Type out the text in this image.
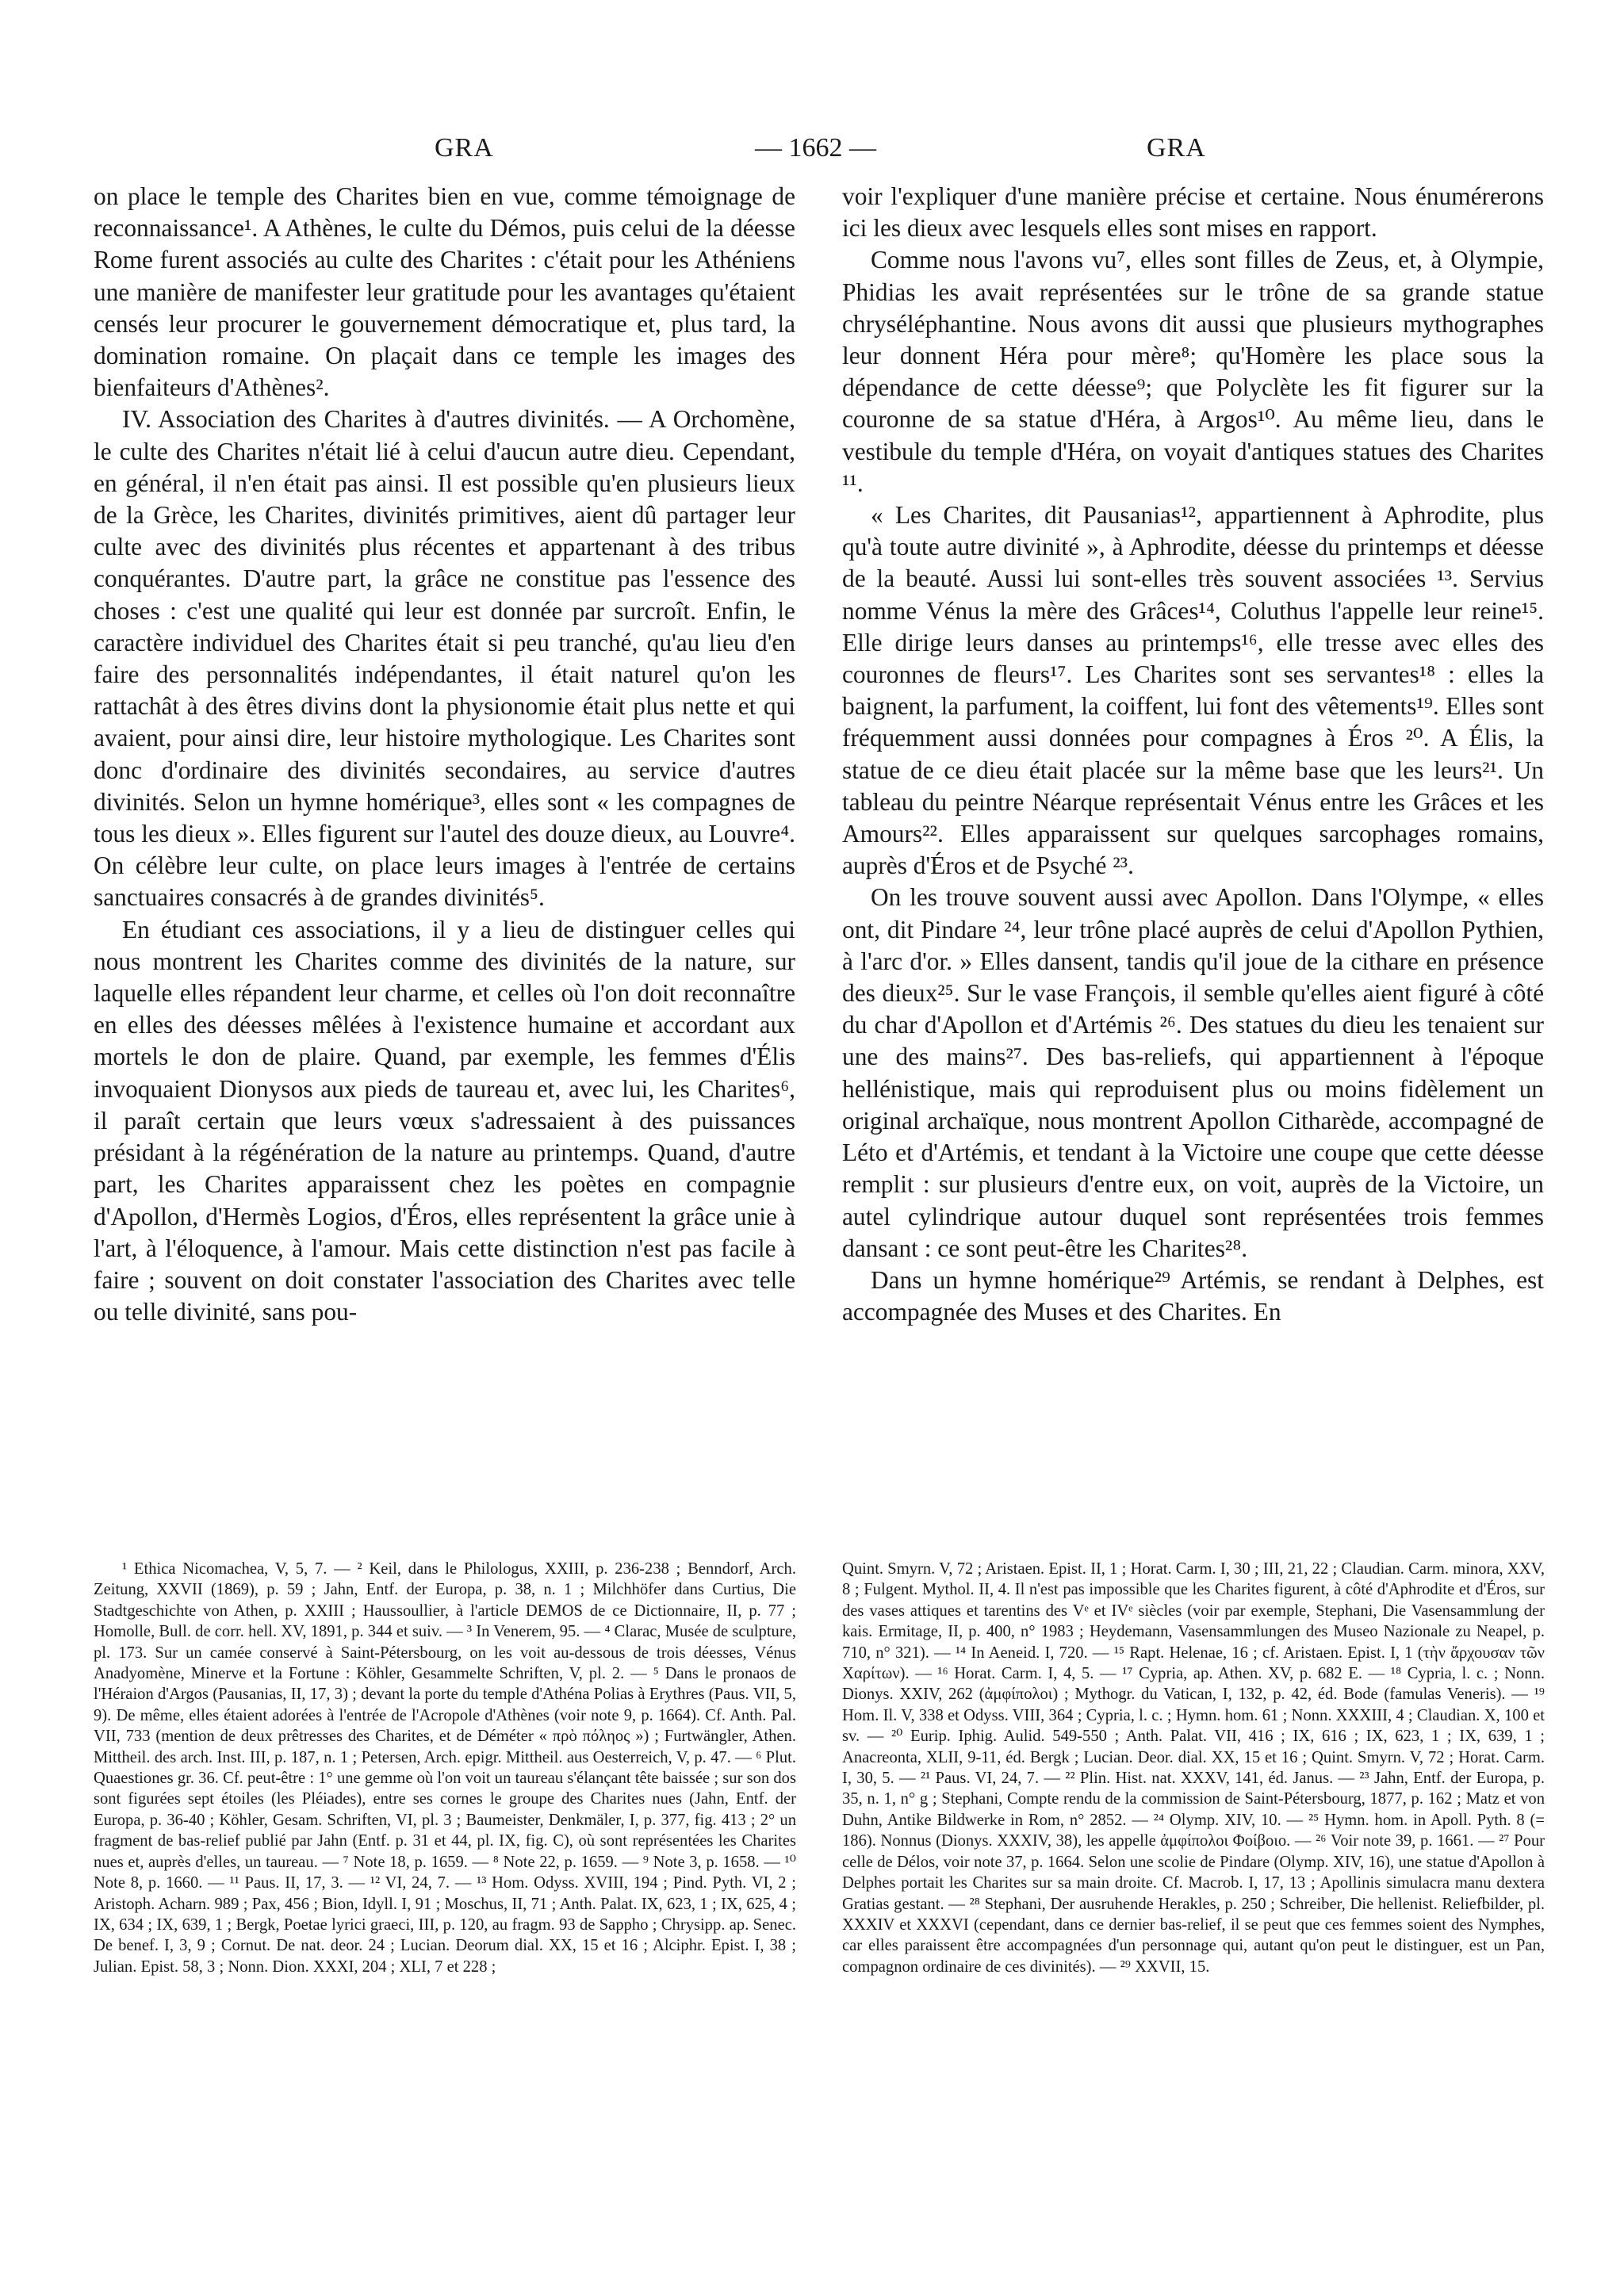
GRA	— 1662 —	GRA

on place le temple des Charites bien en vue, comme témoignage de reconnaissance¹. A Athènes, le culte du Démos, puis celui de la déesse Rome furent associés au culte des Charites : c'était pour les Athéniens une manière de manifester leur gratitude pour les avantages qu'étaient censés leur procurer le gouvernement démocratique et, plus tard, la domination romaine. On plaçait dans ce temple les images des bienfaiteurs d'Athènes².

IV. Association des Charites à d'autres divinités. — A Orchomène, le culte des Charites n'était lié à celui d'aucun autre dieu. Cependant, en général, il n'en était pas ainsi. Il est possible qu'en plusieurs lieux de la Grèce, les Charites, divinités primitives, aient dû partager leur culte avec des divinités plus récentes et appartenant à des tribus conquérantes. D'autre part, la grâce ne constitue pas l'essence des choses : c'est une qualité qui leur est donnée par surcroît. Enfin, le caractère individuel des Charites était si peu tranché, qu'au lieu d'en faire des personnalités indépendantes, il était naturel qu'on les rattachât à des êtres divins dont la physionomie était plus nette et qui avaient, pour ainsi dire, leur histoire mythologique. Les Charites sont donc d'ordinaire des divinités secondaires, au service d'autres divinités. Selon un hymne homérique³, elles sont « les compagnes de tous les dieux ». Elles figurent sur l'autel des douze dieux, au Louvre⁴. On célèbre leur culte, on place leurs images à l'entrée de certains sanctuaires consacrés à de grandes divinités⁵.

En étudiant ces associations, il y a lieu de distinguer celles qui nous montrent les Charites comme des divinités de la nature, sur laquelle elles répandent leur charme, et celles où l'on doit reconnaître en elles des déesses mêlées à l'existence humaine et accordant aux mortels le don de plaire. Quand, par exemple, les femmes d'Élis invoquaient Dionysos aux pieds de taureau et, avec lui, les Charites⁶, il paraît certain que leurs vœux s'adressaient à des puissances présidant à la régénération de la nature au printemps. Quand, d'autre part, les Charites apparaissent chez les poètes en compagnie d'Apollon, d'Hermès Logios, d'Éros, elles représentent la grâce unie à l'art, à l'éloquence, à l'amour. Mais cette distinction n'est pas facile à faire ; souvent on doit constater l'association des Charites avec telle ou telle divinité, sans pou-

voir l'expliquer d'une manière précise et certaine. Nous énumérerons ici les dieux avec lesquels elles sont mises en rapport.

Comme nous l'avons vu⁷, elles sont filles de Zeus, et, à Olympie, Phidias les avait représentées sur le trône de sa grande statue chryséléphantine. Nous avons dit aussi que plusieurs mythographes leur donnent Héra pour mère⁸; qu'Homère les place sous la dépendance de cette déesse⁹; que Polyclète les fit figurer sur la couronne de sa statue d'Héra, à Argos¹⁰. Au même lieu, dans le vestibule du temple d'Héra, on voyait d'antiques statues des Charites ¹¹.

« Les Charites, dit Pausanias¹², appartiennent à Aphrodite, plus qu'à toute autre divinité », à Aphrodite, déesse du printemps et déesse de la beauté. Aussi lui sont-elles très souvent associées ¹³. Servius nomme Vénus la mère des Grâces¹⁴, Coluthus l'appelle leur reine¹⁵. Elle dirige leurs danses au printemps¹⁶, elle tresse avec elles des couronnes de fleurs¹⁷. Les Charites sont ses servantes¹⁸ : elles la baignent, la parfument, la coiffent, lui font des vêtements¹⁹. Elles sont fréquemment aussi données pour compagnes à Éros ²⁰. A Élis, la statue de ce dieu était placée sur la même base que les leurs²¹. Un tableau du peintre Néarque représentait Vénus entre les Grâces et les Amours²². Elles apparaissent sur quelques sarcophages romains, auprès d'Éros et de Psyché ²³.

On les trouve souvent aussi avec Apollon. Dans l'Olympe, « elles ont, dit Pindare ²⁴, leur trône placé auprès de celui d'Apollon Pythien, à l'arc d'or. » Elles dansent, tandis qu'il joue de la cithare en présence des dieux²⁵. Sur le vase François, il semble qu'elles aient figuré à côté du char d'Apollon et d'Artémis ²⁶. Des statues du dieu les tenaient sur une des mains²⁷. Des bas-reliefs, qui appartiennent à l'époque hellénistique, mais qui reproduisent plus ou moins fidèlement un original archaïque, nous montrent Apollon Citharède, accompagné de Léto et d'Artémis, et tendant à la Victoire une coupe que cette déesse remplit : sur plusieurs d'entre eux, on voit, auprès de la Victoire, un autel cylindrique autour duquel sont représentées trois femmes dansant : ce sont peut-être les Charites²⁸.

Dans un hymne homérique²⁹ Artémis, se rendant à Delphes, est accompagnée des Muses et des Charites. En

¹ Ethica Nicomachea, V, 5, 7. — ² Keil, dans le Philologus, XXIII, p. 236-238 ; Benndorf, Arch. Zeitung, XXVII (1869), p. 59 ; Jahn, Entf. der Europa, p. 38, n. 1 ; Milchhöfer dans Curtius, Die Stadtgeschichte von Athen, p. XXIII ; Haussoullier, à l'article DEMOS de ce Dictionnaire, II, p. 77 ; Homolle, Bull. de corr. hell. XV, 1891, p. 344 et suiv. — ³ In Venerem, 95. — ⁴ Clarac, Musée de sculpture, pl. 173. Sur un camée conservé à Saint-Pétersbourg, on les voit au-dessous de trois déesses, Vénus Anadyomène, Minerve et la Fortune : Köhler, Gesammelte Schriften, V, pl. 2. — ⁵ Dans le pronaos de l'Héraion d'Argos (Pausanias, II, 17, 3) ; devant la porte du temple d'Athéna Polias à Erythres (Paus. VII, 5, 9). De même, elles étaient adorées à l'entrée de l'Acropole d'Athènes (voir note 9, p. 1664). Cf. Anth. Pal. VII, 733 (mention de deux prêtresses des Charites, et de Déméter « πρὸ πόληος ») ; Furtwängler, Athen. Mittheil. des arch. Inst. III, p. 187, n. 1 ; Petersen, Arch. epigr. Mittheil. aus Oesterreich, V, p. 47. — ⁶ Plut. Quaestiones gr. 36. Cf. peut-être : 1° une gemme où l'on voit un taureau s'élançant tête baissée ; sur son dos sont figurées sept étoiles (les Pléiades), entre ses cornes le groupe des Charites nues (Jahn, Entf. der Europa, p. 36-40 ; Köhler, Gesam. Schriften, VI, pl. 3 ; Baumeister, Denkmäler, I, p. 377, fig. 413 ; 2° un fragment de bas-relief publié par Jahn (Entf. p. 31 et 44, pl. IX, fig. C), où sont représentées les Charites nues et, auprès d'elles, un taureau. — ⁷ Note 18, p. 1659. — ⁸ Note 22, p. 1659. — ⁹ Note 3, p. 1658. — ¹⁰ Note 8, p. 1660. — ¹¹ Paus. II, 17, 3. — ¹² VI, 24, 7. — ¹³ Hom. Odyss. XVIII, 194 ; Pind. Pyth. VI, 2 ; Aristoph. Acharn. 989 ; Pax, 456 ; Bion, Idyll. I, 91 ; Moschus, II, 71 ; Anth. Palat. IX, 623, 1 ; IX, 625, 4 ; IX, 634 ; IX, 639, 1 ; Bergk, Poetae lyrici graeci, III, p. 120, au fragm. 93 de Sappho ; Chrysipp. ap. Senec. De benef. I, 3, 9 ; Cornut. De nat. deor. 24 ; Lucian. Deorum dial. XX, 15 et 16 ; Alciphr. Epist. I, 38 ; Julian. Epist. 58, 3 ; Nonn. Dion. XXXI, 204 ; XLI, 7 et 228 ;

Quint. Smyrn. V, 72 ; Aristaen. Epist. II, 1 ; Horat. Carm. I, 30 ; III, 21, 22 ; Claudian. Carm. minora, XXV, 8 ; Fulgent. Mythol. II, 4. Il n'est pas impossible que les Charites figurent, à côté d'Aphrodite et d'Éros, sur des vases attiques et tarentins des Vᵉ et IVᵉ siècles (voir par exemple, Stephani, Die Vasensammlung der kais. Ermitage, II, p. 400, n° 1983 ; Heydemann, Vasensammlungen des Museo Nazionale zu Neapel, p. 710, n° 321). — ¹⁴ In Aeneid. I, 720. — ¹⁵ Rapt. Helenae, 16 ; cf. Aristaen. Epist. I, 1 (τὴν ἄρχουσαν τῶν Χαρίτων). — ¹⁶ Horat. Carm. I, 4, 5. — ¹⁷ Cypria, ap. Athen. XV, p. 682 E. — ¹⁸ Cypria, l. c. ; Nonn. Dionys. XXIV, 262 (ἀμφίπολοι) ; Mythogr. du Vatican, I, 132, p. 42, éd. Bode (famulas Veneris). — ¹⁹ Hom. Il. V, 338 et Odyss. VIII, 364 ; Cypria, l. c. ; Hymn. hom. 61 ; Nonn. XXXIII, 4 ; Claudian. X, 100 et sv. — ²⁰ Eurip. Iphig. Aulid. 549-550 ; Anth. Palat. VII, 416 ; IX, 616 ; IX, 623, 1 ; IX, 639, 1 ; Anacreonta, XLII, 9-11, éd. Bergk ; Lucian. Deor. dial. XX, 15 et 16 ; Quint. Smyrn. V, 72 ; Horat. Carm. I, 30, 5. — ²¹ Paus. VI, 24, 7. — ²² Plin. Hist. nat. XXXV, 141, éd. Janus. — ²³ Jahn, Entf. der Europa, p. 35, n. 1, n° g ; Stephani, Compte rendu de la commission de Saint-Pétersbourg, 1877, p. 162 ; Matz et von Duhn, Antike Bildwerke in Rom, n° 2852. — ²⁴ Olymp. XIV, 10. — ²⁵ Hymn. hom. in Apoll. Pyth. 8 (= 186). Nonnus (Dionys. XXXIV, 38), les appelle ἀμφίπολοι Φοίβοιο. — ²⁶ Voir note 39, p. 1661. — ²⁷ Pour celle de Délos, voir note 37, p. 1664. Selon une scolie de Pindare (Olymp. XIV, 16), une statue d'Apollon à Delphes portait les Charites sur sa main droite. Cf. Macrob. I, 17, 13 ; Apollinis simulacra manu dextera Gratias gestant. — ²⁸ Stephani, Der ausruhende Herakles, p. 250 ; Schreiber, Die hellenist. Reliefbilder, pl. XXXIV et XXXVI (cependant, dans ce dernier bas-relief, il se peut que ces femmes soient des Nymphes, car elles paraissent être accompagnées d'un personnage qui, autant qu'on peut le distinguer, est un Pan, compagnon ordinaire de ces divinités). — ²⁹ XXVII, 15.
